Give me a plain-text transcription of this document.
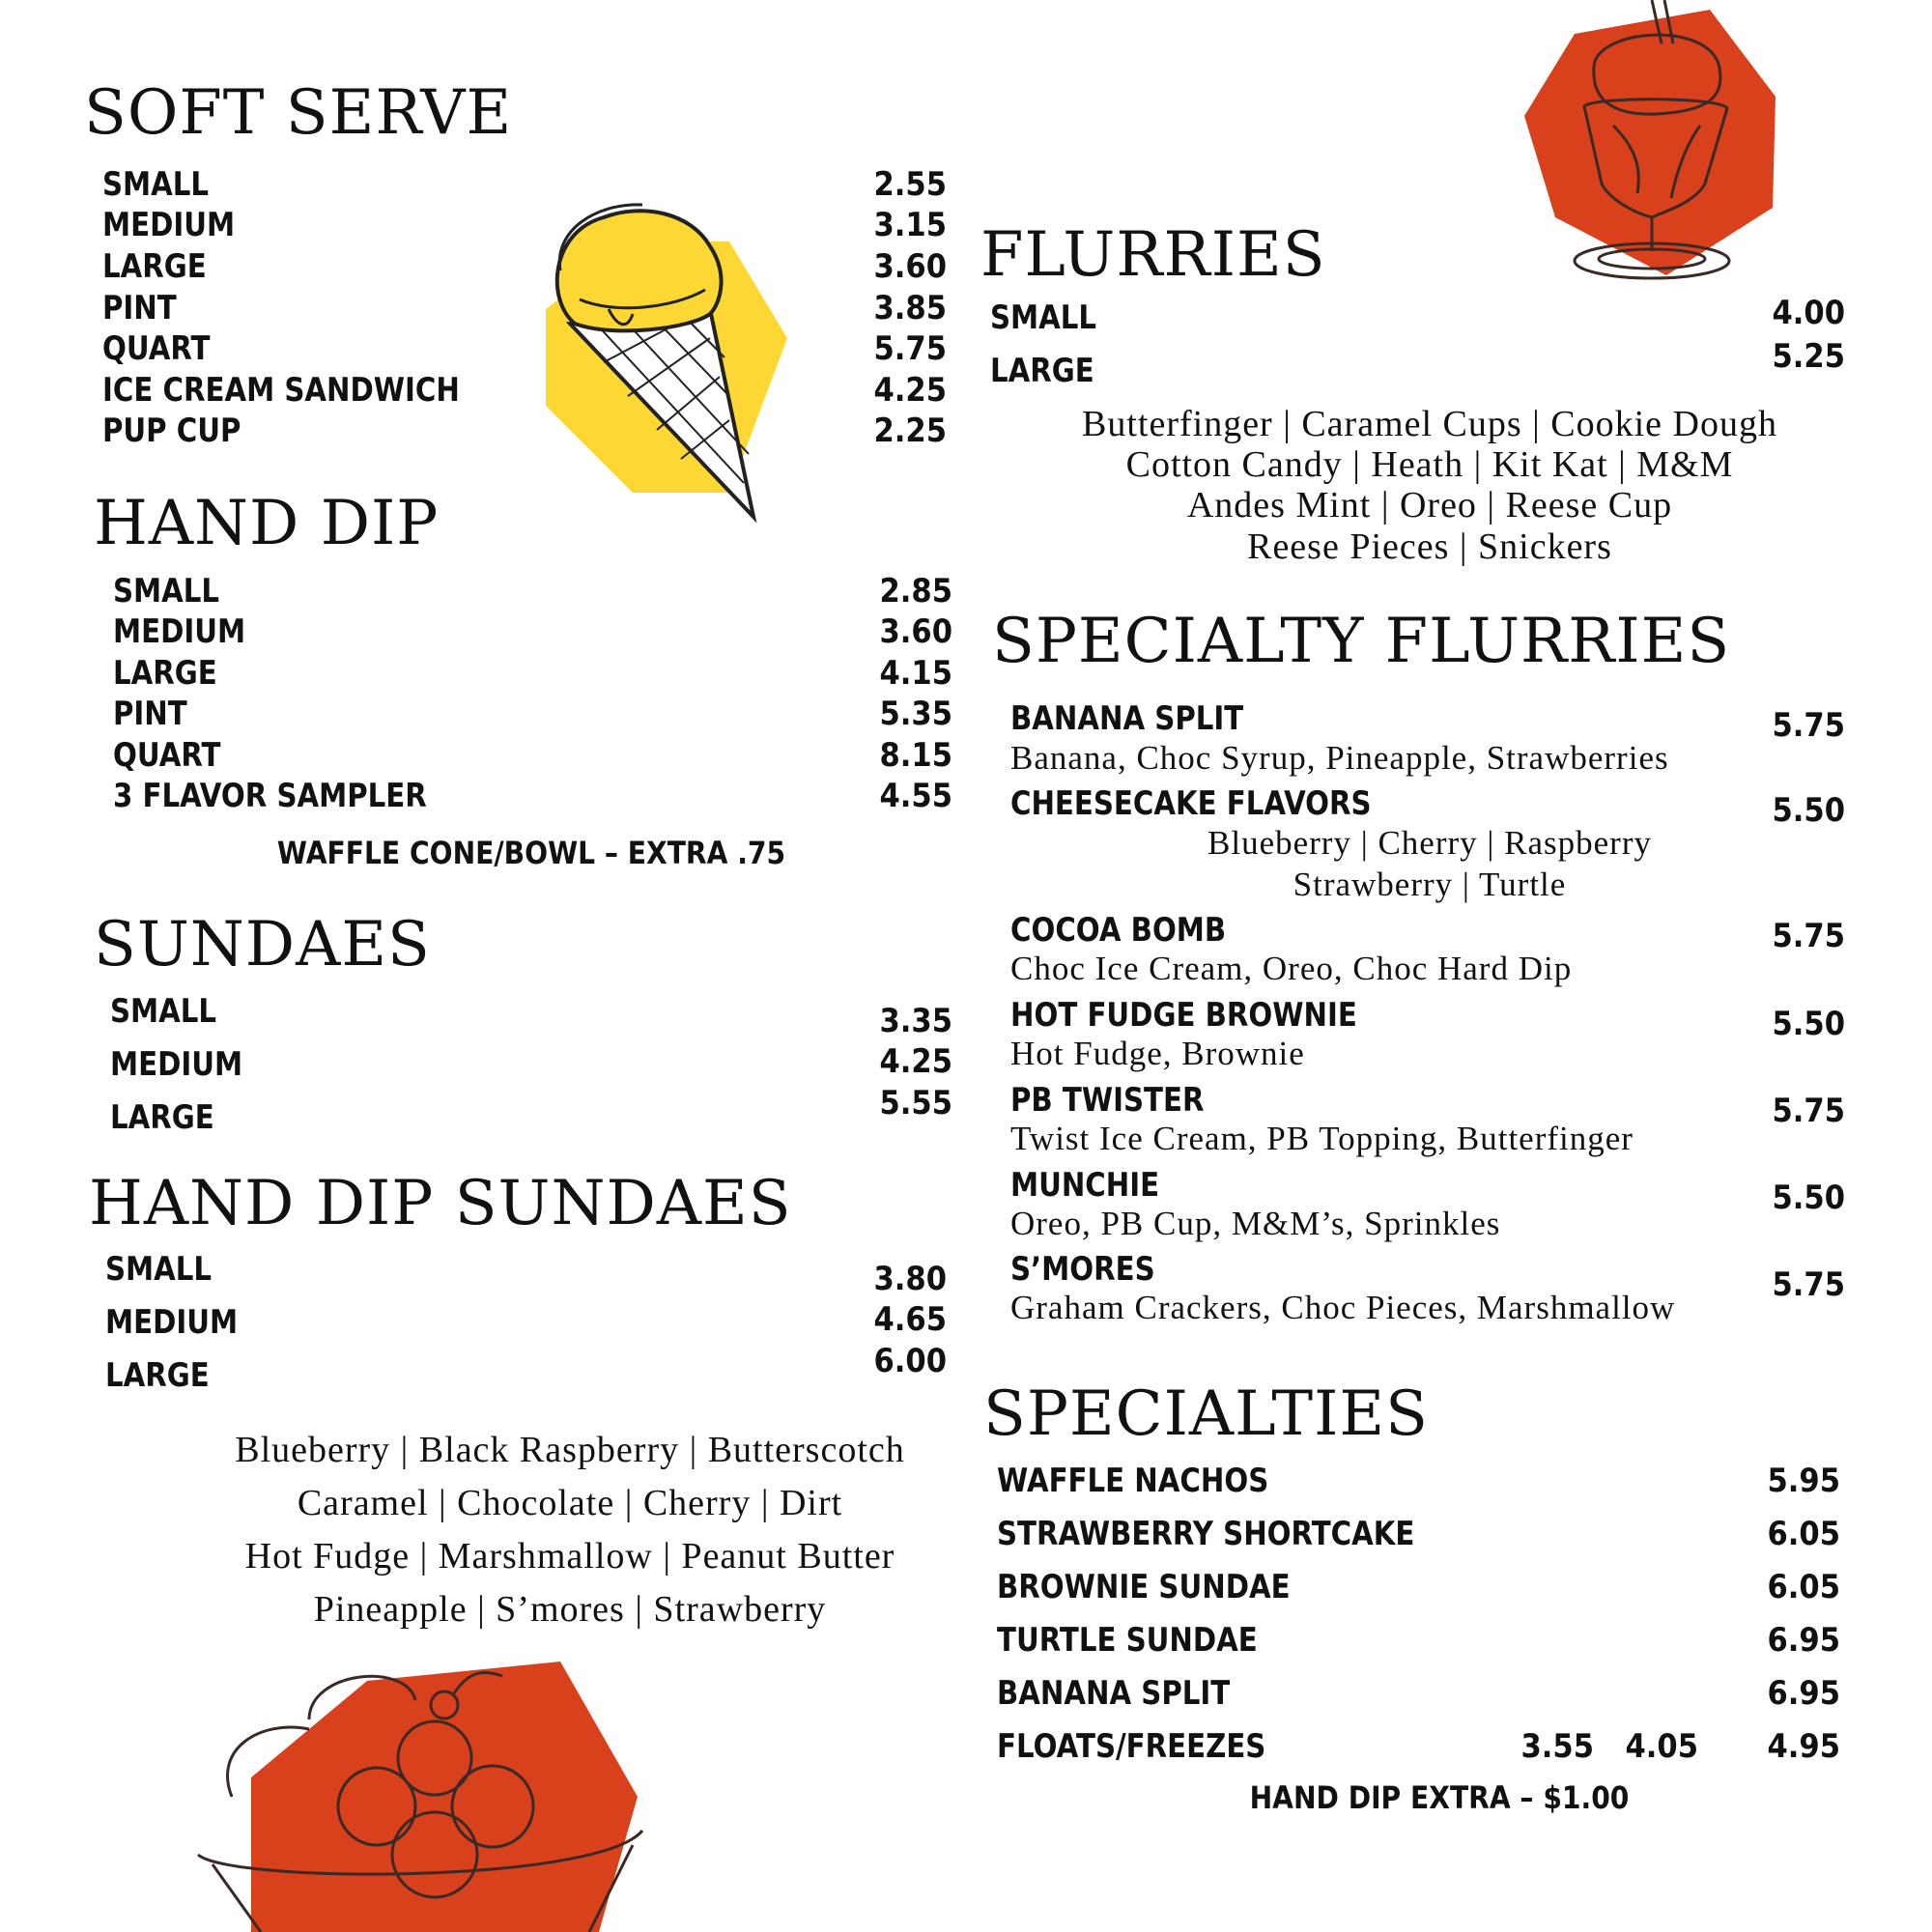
SOFT SERVE
SMALL	2.55
MEDIUM	3.15
LARGE	3.60
PINT	3.85
QUART	5.75
ICE CREAM SANDWICH	4.25
PUP CUP	2.25
HAND DIP
SMALL	2.85
MEDIUM	3.60
LARGE	4.15
PINT	5.35
QUART	8.15
3 FLAVOR SAMPLER	4.55
WAFFLE CONE/BOWL – EXTRA .75
SUNDAES
SMALL	3.35
MEDIUM	4.25
LARGE	5.55
HAND DIP SUNDAES
SMALL	3.80
MEDIUM	4.65
LARGE	6.00
Blueberry | Black Raspberry | Butterscotch
Caramel | Chocolate | Cherry | Dirt
Hot Fudge | Marshmallow | Peanut Butter
Pineapple | S’mores | Strawberry
FLURRIES
SMALL	4.00
LARGE	5.25
Butterfinger | Caramel Cups | Cookie Dough
Cotton Candy | Heath | Kit Kat | M&M
Andes Mint | Oreo | Reese Cup
Reese Pieces | Snickers
SPECIALTY FLURRIES
BANANA SPLIT	5.75
Banana, Choc Syrup, Pineapple, Strawberries
CHEESECAKE FLAVORS	5.50
Blueberry | Cherry | Raspberry
Strawberry | Turtle
COCOA BOMB	5.75
Choc Ice Cream, Oreo, Choc Hard Dip
HOT FUDGE BROWNIE	5.50
Hot Fudge, Brownie
PB TWISTER	5.75
Twist Ice Cream, PB Topping, Butterfinger
MUNCHIE	5.50
Oreo, PB Cup, M&M’s, Sprinkles
S’MORES	5.75
Graham Crackers, Choc Pieces, Marshmallow
SPECIALTIES
WAFFLE NACHOS	5.95
STRAWBERRY SHORTCAKE	6.05
BROWNIE SUNDAE	6.05
TURTLE SUNDAE	6.95
BANANA SPLIT	6.95
FLOATS/FREEZES	3.55 4.05	4.95
HAND DIP EXTRA – $1.00
